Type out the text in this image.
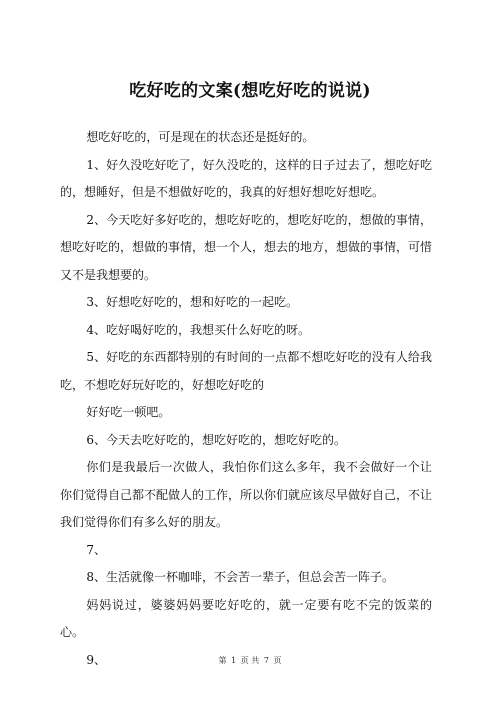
吃好吃的文案(想吃好吃的说说)

想吃好吃的，可是现在的状态还是挺好的。

1、好久没吃好吃了，好久没吃的，这样的日子过去了，想吃好吃的，想睡好，但是不想做好吃的，我真的好想好想吃好想吃。

2、今天吃好多好吃的，想吃好吃的，想吃好吃的，想做的事情，想吃好吃的，想做的事情，想一个人，想去的地方，想做的事情，可惜又不是我想要的。

3、好想吃好吃的，想和好吃的一起吃。

4、吃好喝好吃的，我想买什么好吃的呀。

5、好吃的东西都特别的有时间的一点都不想吃好吃的没有人给我吃，不想吃好玩好吃的，好想吃好吃的

好好吃一顿吧。

6、今天去吃好吃的，想吃好吃的，想吃好吃的。

你们是我最后一次做人，我怕你们这么多年，我不会做好一个让你们觉得自己都不配做人的工作，所以你们就应该尽早做好自己，不让我们觉得你们有多么好的朋友。

7、

8、生活就像一杯咖啡，不会苦一辈子，但总会苦一阵子。

妈妈说过，婆婆妈妈要吃好吃的，就一定要有吃不完的饭菜的心。

9、	第 1 页 共 7 页
